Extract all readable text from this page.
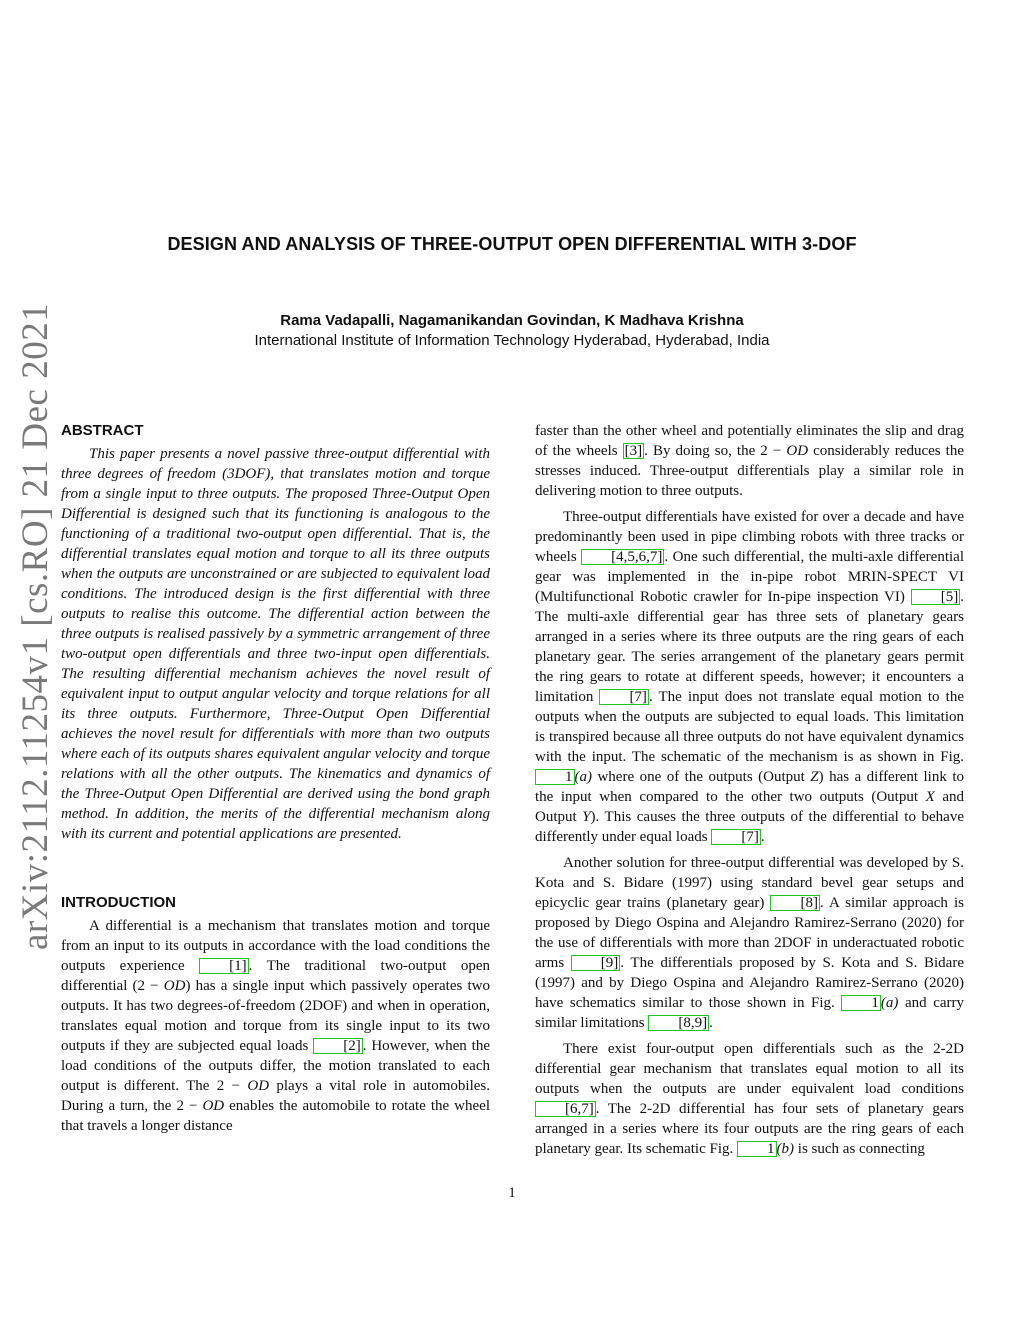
arXiv:2112.11254v1 [cs.RO] 21 Dec 2021
DESIGN AND ANALYSIS OF THREE-OUTPUT OPEN DIFFERENTIAL WITH 3-DOF
Rama Vadapalli, Nagamanikandan Govindan, K Madhava Krishna
International Institute of Information Technology Hyderabad, Hyderabad, India
ABSTRACT

This paper presents a novel passive three-output differential with three degrees of freedom (3DOF), that translates motion and torque from a single input to three outputs. The proposed Three-Output Open Differential is designed such that its functioning is analogous to the functioning of a traditional two-output open differential. That is, the differential translates equal motion and torque to all its three outputs when the outputs are unconstrained or are subjected to equivalent load conditions. The introduced design is the first differential with three outputs to realise this outcome. The differential action between the three outputs is realised passively by a symmetric arrangement of three two-output open differentials and three two-input open differentials. The resulting differential mechanism achieves the novel result of equivalent input to output angular velocity and torque relations for all its three outputs. Furthermore, Three-Output Open Differential achieves the novel result for differentials with more than two outputs where each of its outputs shares equivalent angular velocity and torque relations with all the other outputs. The kinematics and dynamics of the Three-Output Open Differential are derived using the bond graph method. In addition, the merits of the differential mechanism along with its current and potential applications are presented.

INTRODUCTION

A differential is a mechanism that translates motion and torque from an input to its outputs in accordance with the load conditions the outputs experience [1] . The traditional two-output open differential (2 − OD) has a single input which passively operates two outputs. It has two degrees-of-freedom (2DOF) and when in operation, translates equal motion and torque from its single input to its two outputs if they are subjected equal loads [2] . However, when the load conditions of the outputs differ, the motion translated to each output is different. The 2 − OD plays a vital role in automobiles. During a turn, the 2 − OD enables the automobile to rotate the wheel that travels a longer distance

faster than the other wheel and potentially eliminates the slip and drag of the wheels [3] . By doing so, the 2 − OD considerably reduces the stresses induced. Three-output differentials play a similar role in delivering motion to three outputs.

Three-output differentials have existed for over a decade and have predominantly been used in pipe climbing robots with three tracks or wheels [4,5,6,7] . One such differential, the multi-axle differential gear was implemented in the in-pipe robot MRIN-SPECT VI (Multifunctional Robotic crawler for In-pipe inspection VI) [5] . The multi-axle differential gear has three sets of planetary gears arranged in a series where its three outputs are the ring gears of each planetary gear. The series arrangement of the planetary gears permit the ring gears to rotate at different speeds, however; it encounters a limitation [7] . The input does not translate equal motion to the outputs when the outputs are subjected to equal loads. This limitation is transpired because all three outputs do not have equivalent dynamics with the input. The schematic of the mechanism is as shown in Fig. 1 (a) where one of the outputs (Output Z) has a different link to the input when compared to the other two outputs (Output X and Output Y). This causes the three outputs of the differential to behave differently under equal loads [7] .

Another solution for three-output differential was developed by S. Kota and S. Bidare (1997) using standard bevel gear setups and epicyclic gear trains (planetary gear) [8] . A similar approach is proposed by Diego Ospina and Alejandro Ramirez-Serrano (2020) for the use of differentials with more than 2DOF in underactuated robotic arms [9] . The differentials proposed by S. Kota and S. Bidare (1997) and by Diego Ospina and Alejandro Ramirez-Serrano (2020) have schematics similar to those shown in Fig. 1 (a) and carry similar limitations [8,9] .

There exist four-output open differentials such as the 2-2D differential gear mechanism that translates equal motion to all its outputs when the outputs are under equivalent load conditions [6,7] . The 2-2D differential has four sets of planetary gears arranged in a series where its four outputs are the ring gears of each planetary gear. Its schematic Fig. 1 (b) is such as connecting

1
